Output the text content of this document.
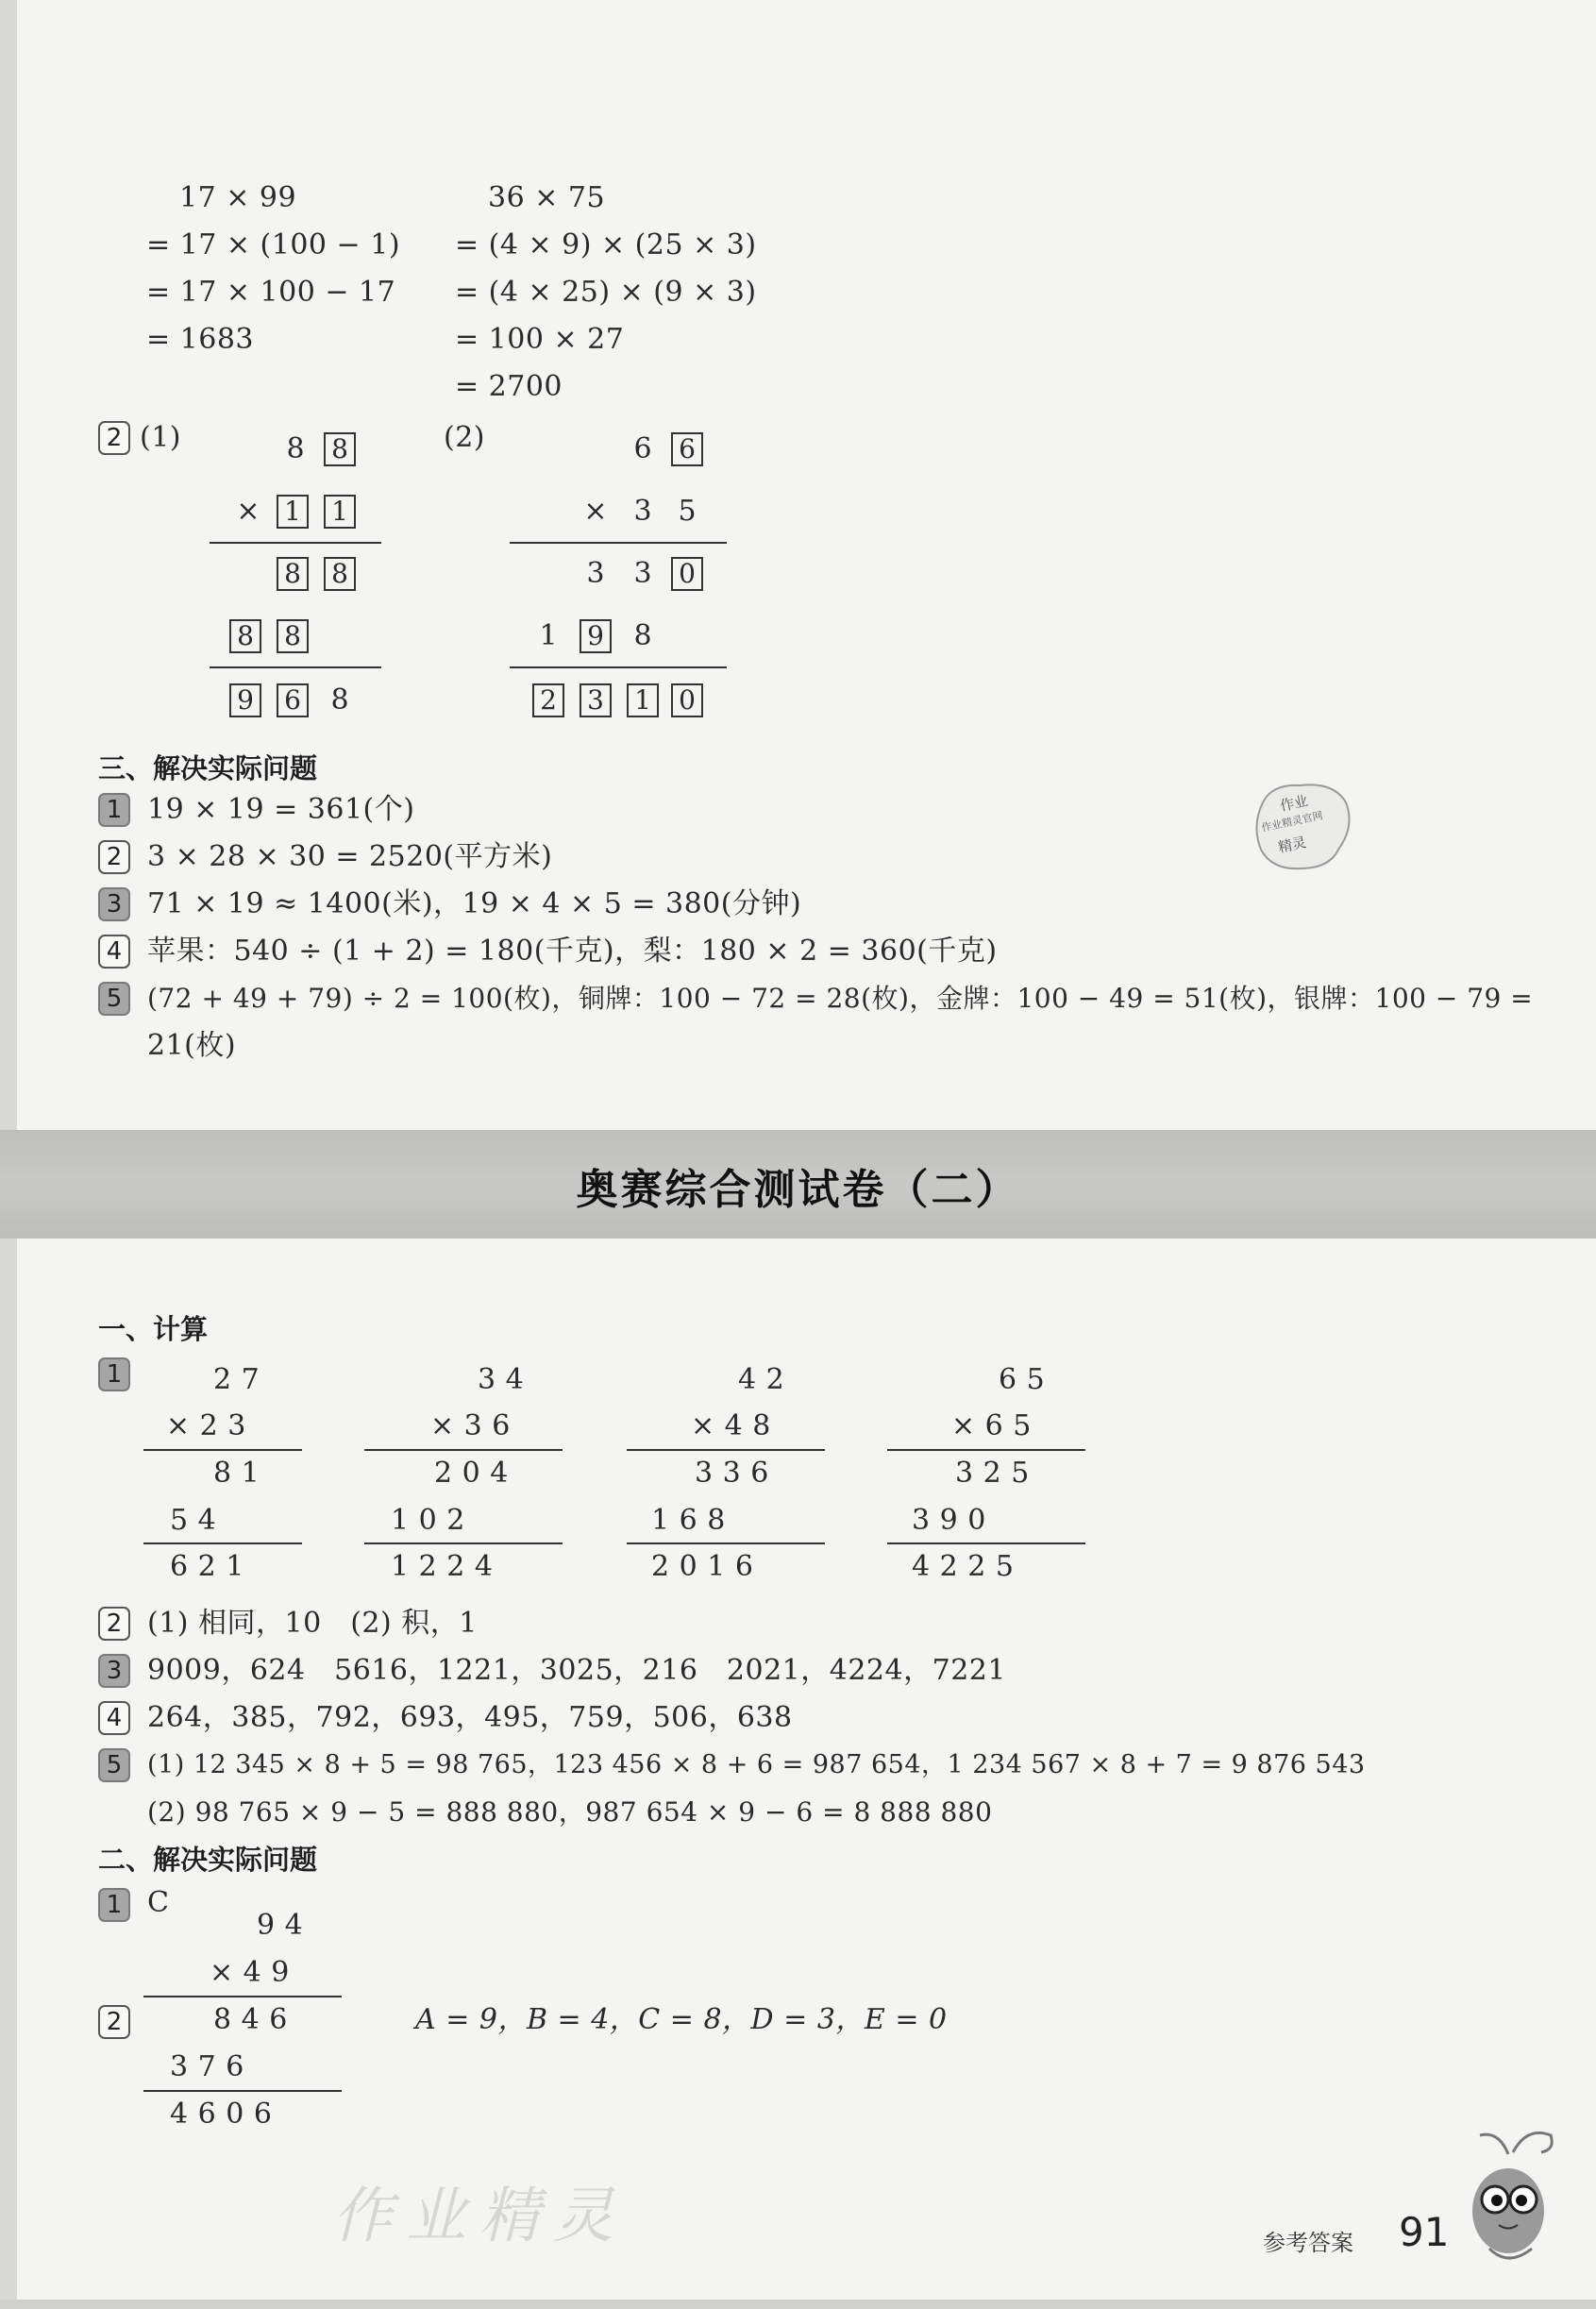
17 × 99
= 17 × (100 − 1)
= 17 × 100 − 17
= 1683
36 × 75
= (4 × 9) × (25 × 3)
= (4 × 25) × (9 × 3)
= 100 × 27
= 2700
2 (1)	(2)
8 8
× 1 1
8 8
8 8
9 6 8
6 6
× 3 5
3 3 0
1 9 8
2 3 1 0
三、解决实际问题
1 19 × 19 = 361(个)
2 3 × 28 × 30 = 2520(平方米)
3 71 × 19 ≈ 1400(米)，19 × 4 × 5 = 380(分钟)
4 苹果：540 ÷ (1 + 2) = 180(千克)，梨：180 × 2 = 360(千克)
5 (72 + 49 + 79) ÷ 2 = 100(枚)，铜牌：100 − 72 = 28(枚)，金牌：100 − 49 = 51(枚)，银牌：100 − 79 =
21(枚)
作业
作业精灵官网
精灵
奥赛综合测试卷（二）
一、计算
1	2 7
× 2 3
8 1
5 4
6 2 1
3 4
× 3 6
2 0 4
1 0 2
1 2 2 4
4 2
× 4 8
3 3 6
1 6 8
2 0 1 6
6 5
× 6 5
3 2 5
3 9 0
4 2 2 5
2 (1) 相同，10　(2) 积，1
3 9009，624　5616，1221，3025，216　2021，4224，7221
4 264，385，792，693，495，759，506，638
5 (1) 12 345 × 8 + 5 = 98 765，123 456 × 8 + 6 = 987 654，1 234 567 × 8 + 7 = 9 876 543
(2) 98 765 × 9 − 5 = 888 880，987 654 × 9 − 6 = 8 888 880
二、解决实际问题
1 C
9 4
× 4 9
8 4 6
3 7 6
4 6 0 6
2	A = 9，B = 4，C = 8，D = 3，E = 0
作业精灵	参考答案 91
